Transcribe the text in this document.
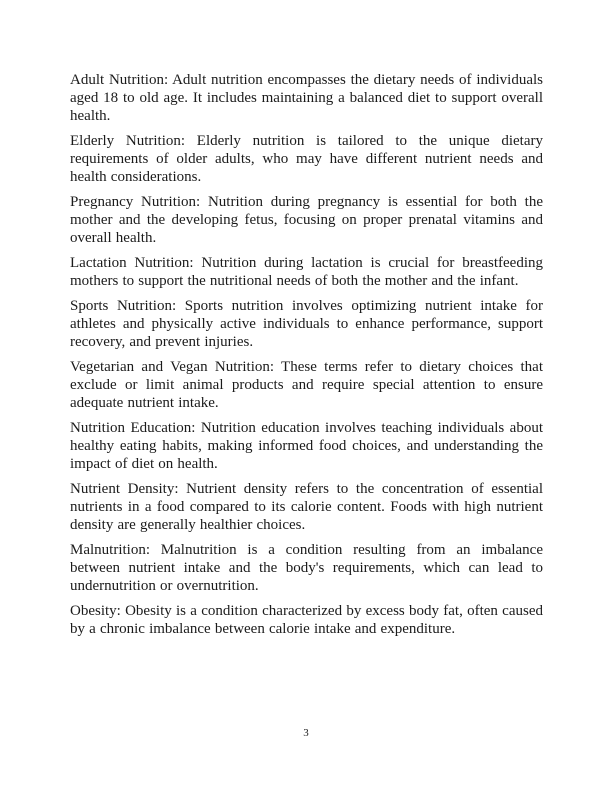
Adult Nutrition: Adult nutrition encompasses the dietary needs of individuals aged 18 to old age. It includes maintaining a balanced diet to support overall health.

Elderly Nutrition: Elderly nutrition is tailored to the unique dietary requirements of older adults, who may have different nutrient needs and health considerations.

Pregnancy Nutrition: Nutrition during pregnancy is essential for both the mother and the developing fetus, focusing on proper prenatal vitamins and overall health.

Lactation Nutrition: Nutrition during lactation is crucial for breastfeeding mothers to support the nutritional needs of both the mother and the infant.

Sports Nutrition: Sports nutrition involves optimizing nutrient intake for athletes and physically active individuals to enhance performance, support recovery, and prevent injuries.

Vegetarian and Vegan Nutrition: These terms refer to dietary choices that exclude or limit animal products and require special attention to ensure adequate nutrient intake.

Nutrition Education: Nutrition education involves teaching individuals about healthy eating habits, making informed food choices, and understanding the impact of diet on health.

Nutrient Density: Nutrient density refers to the concentration of essential nutrients in a food compared to its calorie content. Foods with high nutrient density are generally healthier choices.

Malnutrition: Malnutrition is a condition resulting from an imbalance between nutrient intake and the body's requirements, which can lead to undernutrition or overnutrition.

Obesity: Obesity is a condition characterized by excess body fat, often caused by a chronic imbalance between calorie intake and expenditure.

3
